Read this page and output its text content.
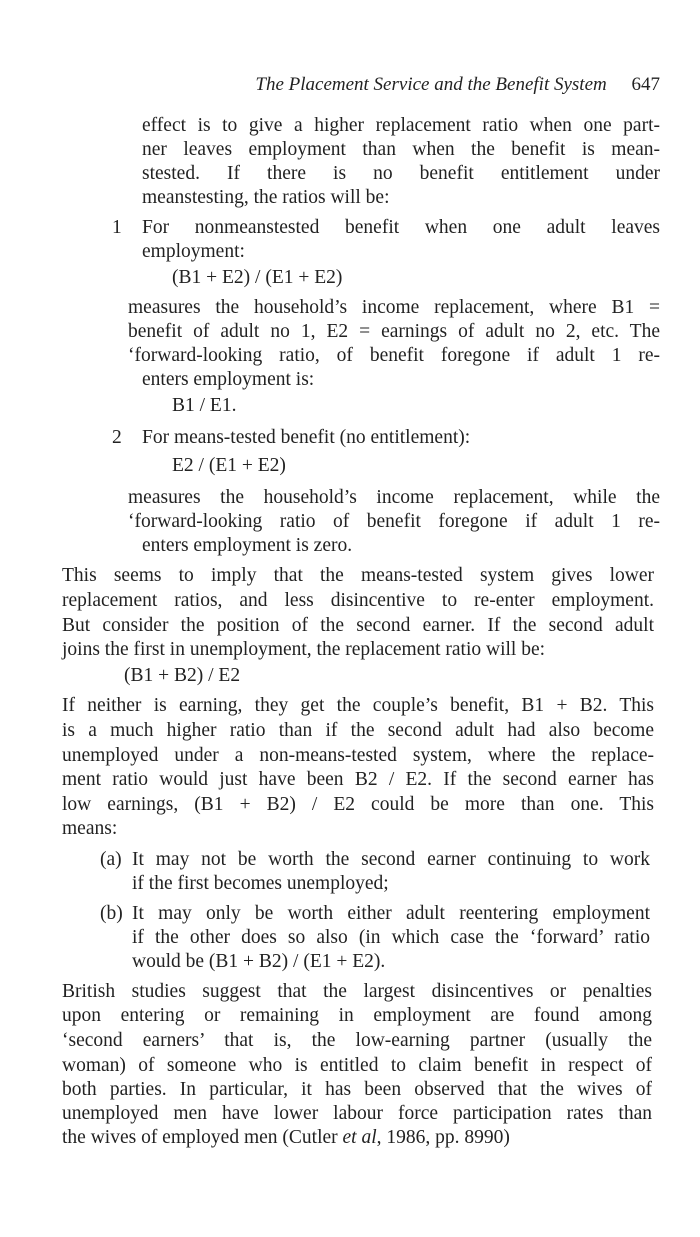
The Placement Service and the Benefit System 647
effect is to give a higher replacement ratio when one part-
ner leaves employment than when the benefit is mean-
stested. If there is no benefit entitlement under
meanstesting, the ratios will be:
1 For nonmeanstested benefit when one adult leaves
employment:
(B1 + E2) / (E1 + E2)
measures the household’s income replacement, where B1 =
benefit of adult no 1, E2 = earnings of adult no 2, etc. The
‘forward-looking ratio, of benefit foregone if adult 1 re-
enters employment is:
B1 / E1.
2 For means-tested benefit (no entitlement):
E2 / (E1 + E2)
measures the household’s income replacement, while the
‘forward-looking ratio of benefit foregone if adult 1 re-
enters employment is zero.
This seems to imply that the means-tested system gives lower
replacement ratios, and less disincentive to re-enter employment.
But consider the position of the second earner. If the second adult
joins the first in unemployment, the replacement ratio will be:
(B1 + B2) / E2
If neither is earning, they get the couple’s benefit, B1 + B2. This
is a much higher ratio than if the second adult had also become
unemployed under a non-means-tested system, where the replace-
ment ratio would just have been B2 / E2. If the second earner has
low earnings, (B1 + B2) / E2 could be more than one. This
means:
(a) It may not be worth the second earner continuing to work
if the first becomes unemployed;
(b) It may only be worth either adult reentering employment
if the other does so also (in which case the ‘forward’ ratio
would be (B1 + B2) / (E1 + E2).
British studies suggest that the largest disincentives or penalties
upon entering or remaining in employment are found among
‘second earners’ that is, the low-earning partner (usually the
woman) of someone who is entitled to claim benefit in respect of
both parties. In particular, it has been observed that the wives of
unemployed men have lower labour force participation rates than
the wives of employed men (Cutler et al, 1986, pp. 8990)
